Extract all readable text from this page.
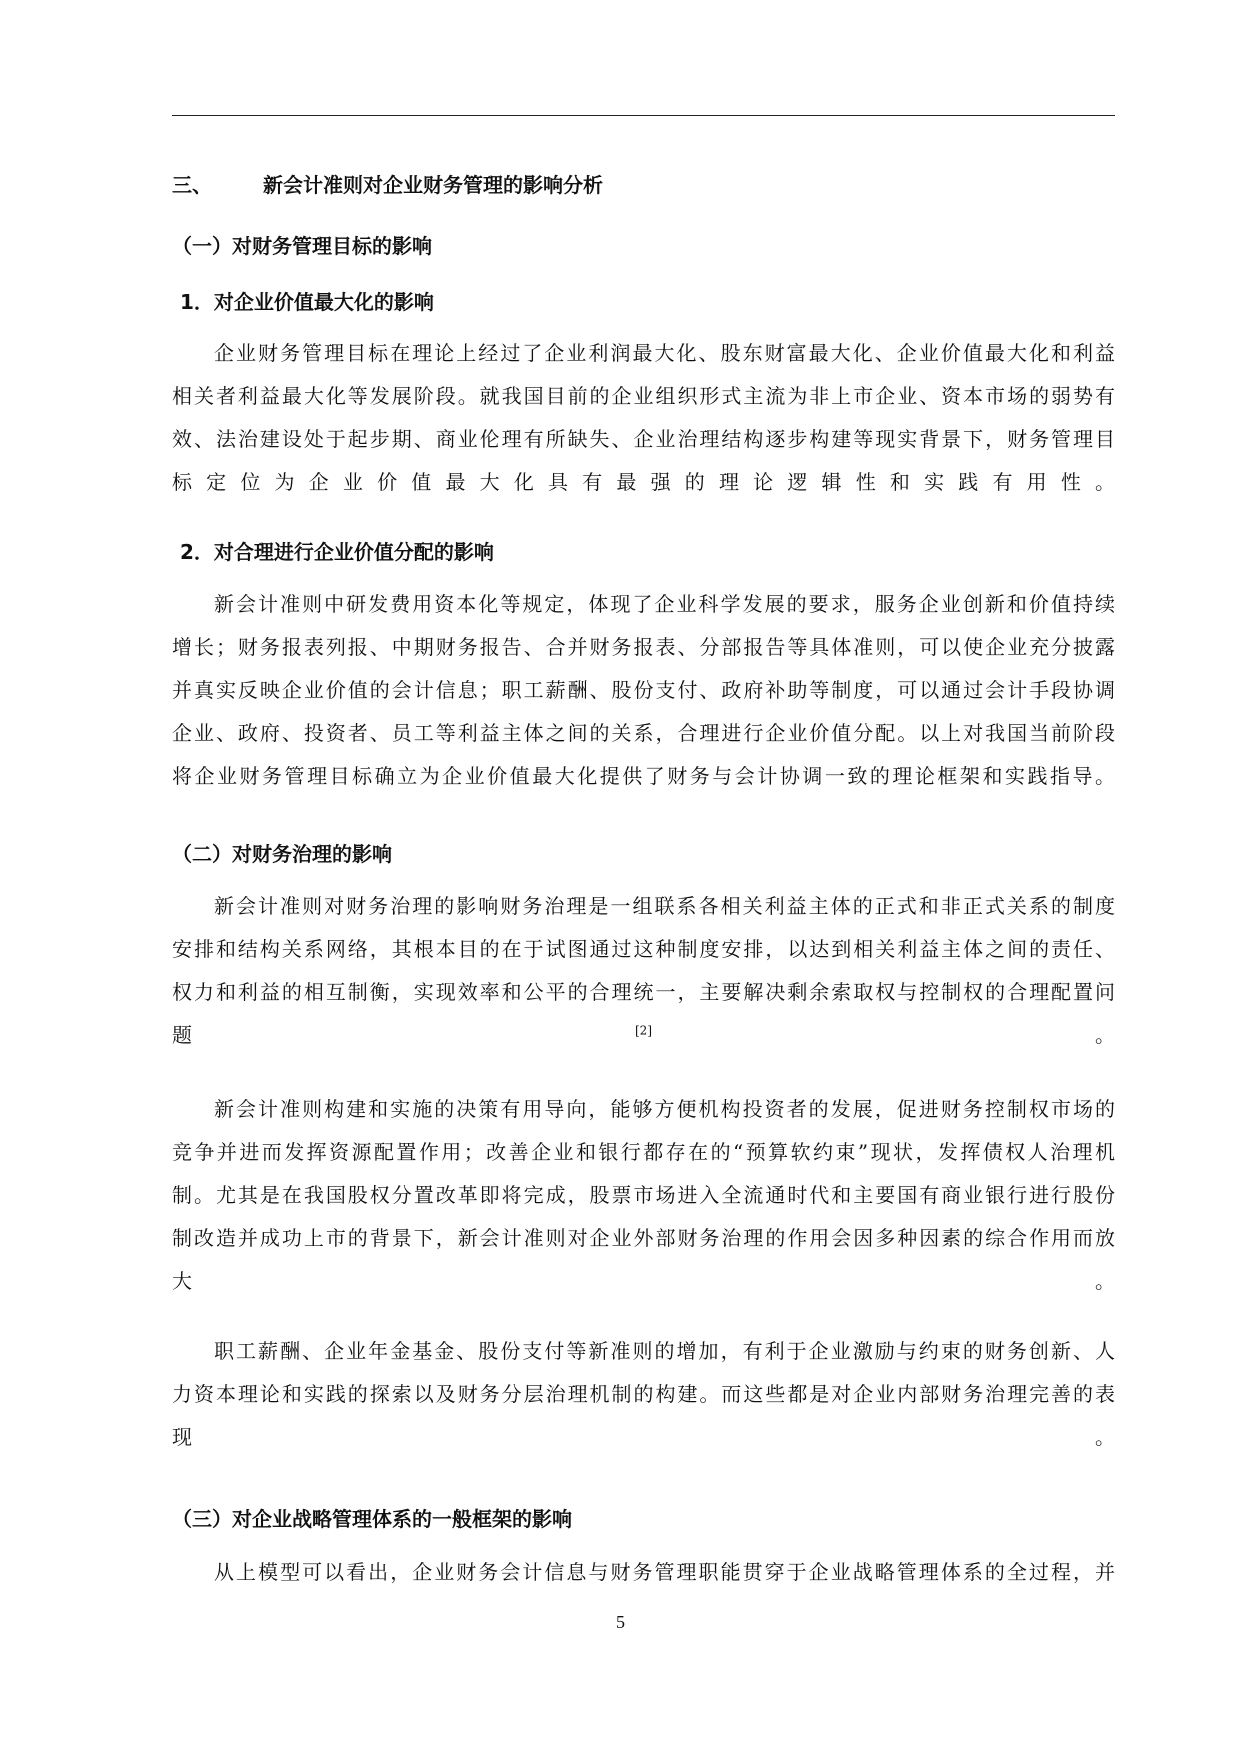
三、	新会计准则对企业财务管理的影响分析
（一）对财务管理目标的影响
1．对企业价值最大化的影响
企业财务管理目标在理论上经过了企业利润最大化、股东财富最大化、企业价值最大化和利益
相关者利益最大化等发展阶段。就我国目前的企业组织形式主流为非上市企业、资本市场的弱势有
效、法治建设处于起步期、商业伦理有所缺失、企业治理结构逐步构建等现实背景下，财务管理目
标定位为企业价值最大化具有最强的理论逻辑性和实践有用性。
2．对合理进行企业价值分配的影响
新会计准则中研发费用资本化等规定，体现了企业科学发展的要求，服务企业创新和价值持续
增长；财务报表列报、中期财务报告、合并财务报表、分部报告等具体准则，可以使企业充分披露
并真实反映企业价值的会计信息；职工薪酬、股份支付、政府补助等制度，可以通过会计手段协调
企业、政府、投资者、员工等利益主体之间的关系，合理进行企业价值分配。以上对我国当前阶段
将企业财务管理目标确立为企业价值最大化提供了财务与会计协调一致的理论框架和实践指导。
（二）对财务治理的影响
新会计准则对财务治理的影响财务治理是一组联系各相关利益主体的正式和非正式关系的制度
安排和结构关系网络，其根本目的在于试图通过这种制度安排，以达到相关利益主体之间的责任、
权力和利益的相互制衡，实现效率和公平的合理统一，主要解决剩余索取权与控制权的合理配置问
题[2]。
新会计准则构建和实施的决策有用导向，能够方便机构投资者的发展，促进财务控制权市场的
竞争并进而发挥资源配置作用；改善企业和银行都存在的“预算软约束”现状，发挥债权人治理机
制。尤其是在我国股权分置改革即将完成，股票市场进入全流通时代和主要国有商业银行进行股份
制改造并成功上市的背景下，新会计准则对企业外部财务治理的作用会因多种因素的综合作用而放
大。
职工薪酬、企业年金基金、股份支付等新准则的增加，有利于企业激励与约束的财务创新、人
力资本理论和实践的探索以及财务分层治理机制的构建。而这些都是对企业内部财务治理完善的表
现。
（三）对企业战略管理体系的一般框架的影响
从上模型可以看出，企业财务会计信息与财务管理职能贯穿于企业战略管理体系的全过程，并
5
